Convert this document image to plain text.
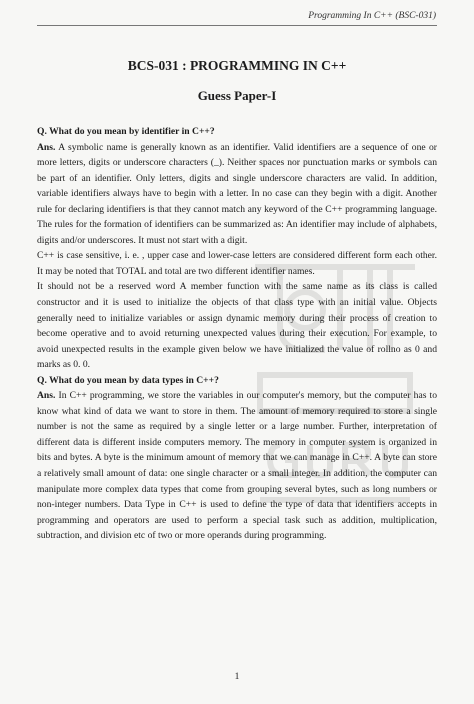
Programming In C++ (BSC-031)
BCS-031 : PROGRAMMING IN C++
Guess Paper-I

Q. What do you mean by identifier in C++?

Ans. A symbolic name is generally known as an identifier. Valid identifiers are a sequence of one or more letters, digits or underscore characters (_). Neither spaces nor punctuation marks or symbols can be part of an identifier. Only letters, digits and single underscore characters are valid. In addition, variable identifiers always have to begin with a letter. In no case can they begin with a digit. Another rule for declaring identifiers is that they cannot match any keyword of the C++ programming language. The rules for the formation of identifiers can be summarized as: An identifier may include of alphabets, digits and/or underscores. It must not start with a digit.

C++ is case sensitive, i. e. , upper case and lower-case letters are considered different form each other. It may be noted that TOTAL and total are two different identifier names.

It should not be a reserved word A member function with the same name as its class is called constructor and it is used to initialize the objects of that class type with an initial value. Objects generally need to initialize variables or assign dynamic memory during their process of creation to become operative and to avoid returning unexpected values during their execution. For example, to avoid unexpected results in the example given below we have initialized the value of rollno as 0 and marks as 0. 0.

Q. What do you mean by data types in C++?

Ans. In C++ programming, we store the variables in our computer's memory, but the computer has to know what kind of data we want to store in them. The amount of memory required to store a single number is not the same as required by a single letter or a large number. Further, interpretation of different data is different inside computers memory. The memory in computer system is organized in bits and bytes. A byte is the minimum amount of memory that we can manage in C++. A byte can store a relatively small amount of data: one single character or a small integer. In addition, the computer can manipulate more complex data types that come from grouping several bytes, such as long numbers or non-integer numbers. Data Type in C++ is used to define the type of data that identifiers accepts in programming and operators are used to perform a special task such as addition, multiplication, subtraction, and division etc of two or more operands during programming.

1
